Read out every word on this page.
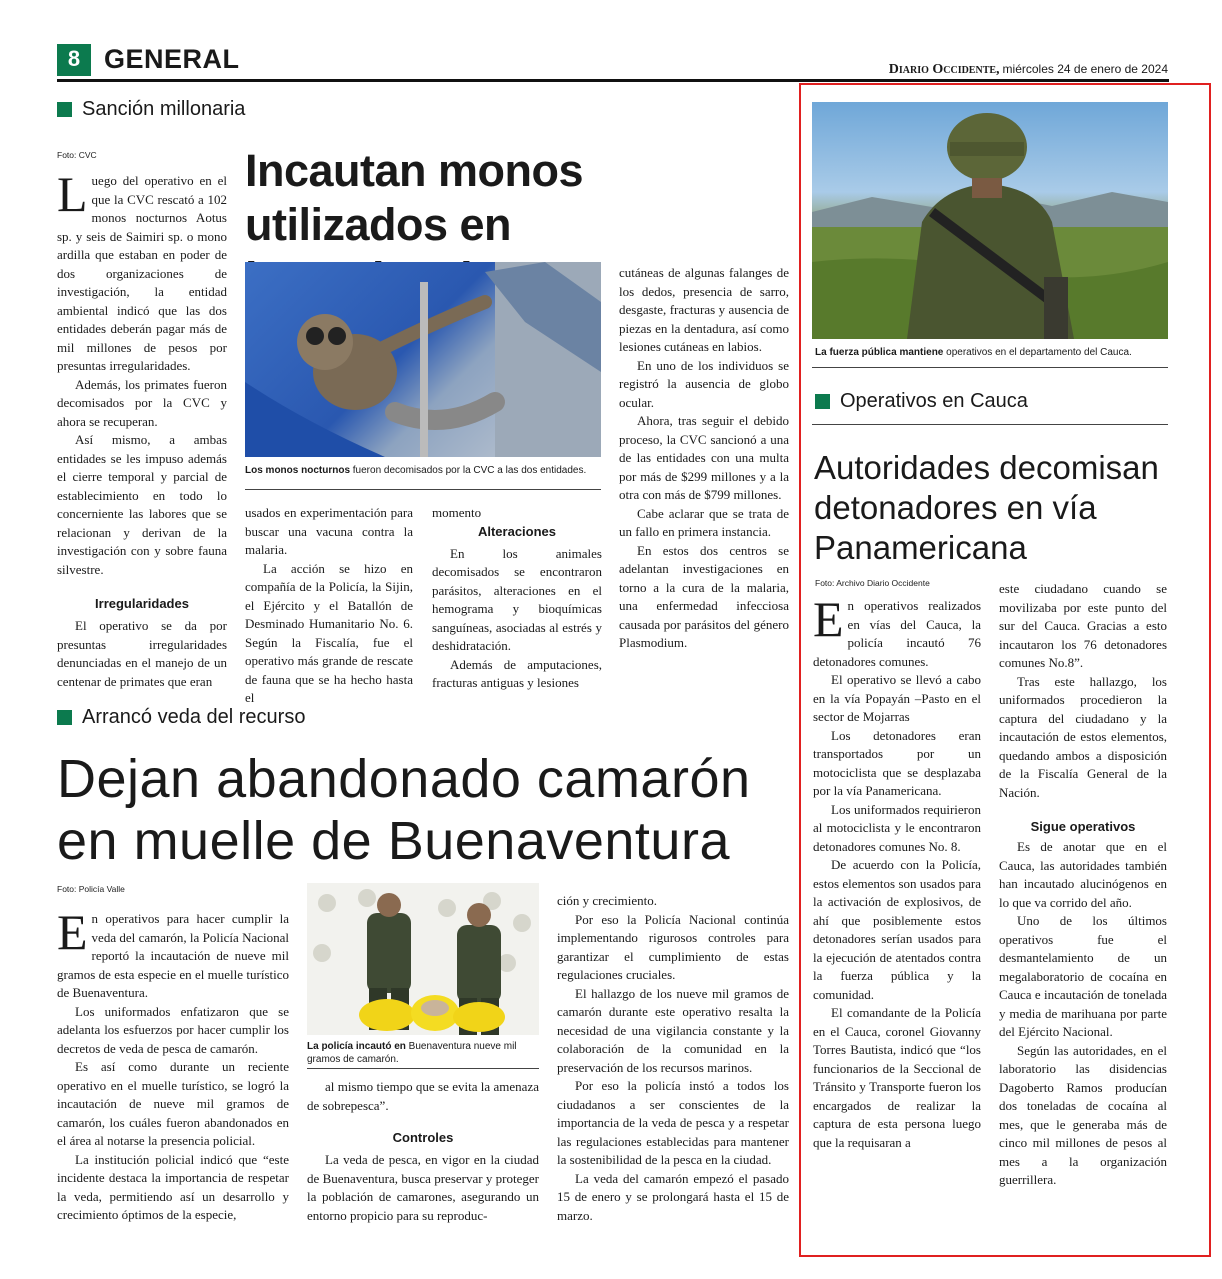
8 GENERAL	Diario Occidente, miércoles 24 de enero de 2024
Sanción millonaria
Foto: CVC	Incautan monos utilizados en

Luego del operativo en el que la CVC rescató a 102 monos nocturnos Aotus sp. y seis de Saimiri sp. o mono ardilla que estaban en poder de dos organizaciones de investigación, la entidad ambiental indicó que las dos entidades deberán pagar más de mil millones de pesos por presuntas irregularidades.

Además, los primates fueron decomisados por la CVC y ahora se recuperan.

Así mismo, a ambas entidades se les impuso además el cierre temporal y parcial de establecimiento en todo lo concerniente las labores que se relacionan y derivan de la investigación con y sobre fauna silvestre.

Irregularidades

El operativo se da por presuntas irregularidades denunciadas en el manejo de un centenar de primates que eran

Los monos nocturnos fueron decomisados por la CVC a las dos entidades.

usados en experimentación para buscar una vacuna contra la malaria.

La acción se hizo en compañía de la Policía, la Sijin, el Ejército y el Batallón de Desminado Humanitario No. 6. Según la Fiscalía, fue el operativo más grande de rescate de fauna que se ha hecho hasta el

momento

Alteraciones

En los animales decomisados se encontraron parásitos, alteraciones en el hemograma y bioquímicas sanguíneas, asociadas al estrés y deshidratación.

Además de amputaciones, fracturas antiguas y lesiones

cutáneas de algunas falanges de los dedos, presencia de sarro, desgaste, fracturas y ausencia de piezas en la dentadura, así como lesiones cutáneas en labios.

En uno de los individuos se registró la ausencia de globo ocular.

Ahora, tras seguir el debido proceso, la CVC sancionó a una de las entidades con una multa por más de $299 millones y a la otra con más de $799 millones.

Cabe aclarar que se trata de un fallo en primera instancia.

En estos dos centros se adelantan investigaciones en torno a la cura de la malaria, una enfermedad infecciosa causada por parásitos del género Plasmodium.

Arrancó veda del recurso
Dejan abandonado camarón en muelle de Buenaventura
Foto: Policía Valle

En operativos para hacer cumplir la veda del camarón, la Policía Nacional reportó la incautación de nueve mil gramos de esta especie en el muelle turístico de Buenaventura.

Los uniformados enfatizaron que se adelanta los esfuerzos por hacer cumplir los decretos de veda de pesca de camarón.

Es así como durante un reciente operativo en el muelle turístico, se logró la incautación de nueve mil gramos de camarón, los cuáles fueron abandonados en el área al notarse la presencia policial.

La institución policial indicó que “este incidente destaca la importancia de respetar la veda, permitiendo así un desarrollo y crecimiento óptimos de la especie,

La policía incautó en Buenaventura nueve mil gramos de camarón.

al mismo tiempo que se evita la amenaza de sobrepesca”.

Controles

La veda de pesca, en vigor en la ciudad de Buenaventura, busca preservar y proteger la población de camarones, asegurando un entorno propicio para su reproduc-

ción y crecimiento.

Por eso la Policía Nacional continúa implementando rigurosos controles para garantizar el cumplimiento de estas regulaciones cruciales.

El hallazgo de los nueve mil gramos de camarón durante este operativo resalta la necesidad de una vigilancia constante y la colaboración de la comunidad en la preservación de los recursos marinos.

Por eso la policía instó a todos los ciudadanos a ser conscientes de la importancia de la veda de pesca y a respetar las regulaciones establecidas para mantener la sostenibilidad de la pesca en la ciudad.

La veda del camarón empezó el pasado 15 de enero y se prolongará hasta el 15 de marzo.

La fuerza pública mantiene operativos en el departamento del Cauca.
Operativos en Cauca
Autoridades decomisan detonadores en vía Panamericana
Foto: Archivo Diario Occidente

En operativos realizados en vías del Cauca, la policía incautó 76 detonadores comunes.

El operativo se llevó a cabo en la vía Popayán –Pasto en el sector de Mojarras

Los detonadores eran transportados por un motociclista que se desplazaba por la vía Panamericana.

Los uniformados requirieron al motociclista y le encontraron detonadores comunes No. 8.

De acuerdo con la Policía, estos elementos son usados para la activación de explosivos, de ahí que posiblemente estos detonadores serían usados para la ejecución de atentados contra la fuerza pública y la comunidad.

El comandante de la Policía en el Cauca, coronel Giovanny Torres Bautista, indicó que “los funcionarios de la Seccional de Tránsito y Transporte fueron los encargados de realizar la captura de esta persona luego que la requisaran a

este ciudadano cuando se movilizaba por este punto del sur del Cauca. Gracias a esto incautaron los 76 detonadores comunes No.8”.

Tras este hallazgo, los uniformados procedieron la captura del ciudadano y la incautación de estos elementos, quedando ambos a disposición de la Fiscalía General de la Nación.

Sigue operativos

Es de anotar que en el Cauca, las autoridades también han incautado alucinógenos en lo que va corrido del año.

Uno de los últimos operativos fue el desmantelamiento de un megalaboratorio de cocaína en Cauca e incautación de tonelada y media de marihuana por parte del Ejército Nacional.

Según las autoridades, en el laboratorio las disidencias Dagoberto Ramos producían dos toneladas de cocaína al mes, que le generaba más de cinco mil millones de pesos al mes a la organización guerrillera.
